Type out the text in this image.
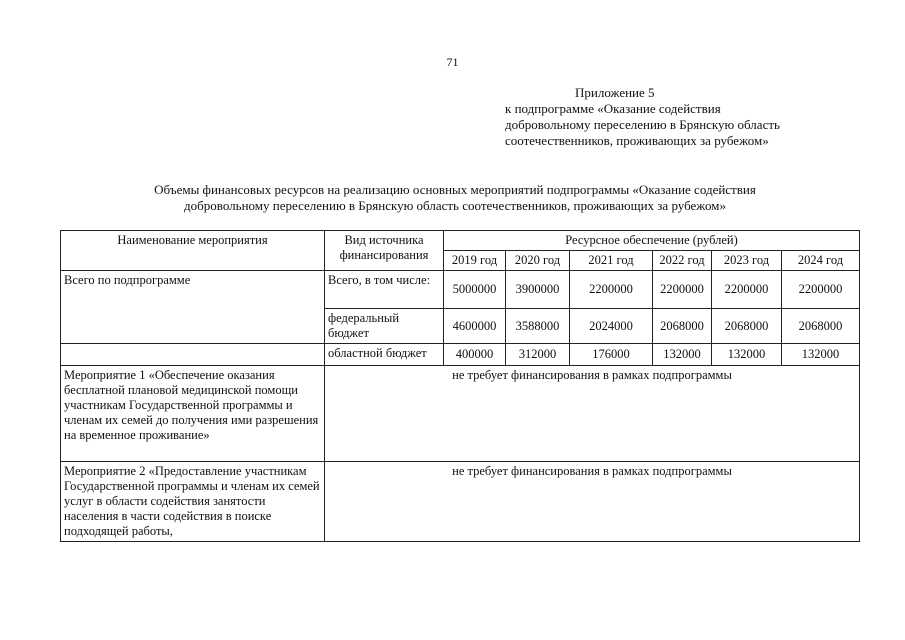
71
Приложение 5
к подпрограмме «Оказание содействия
добровольному переселению в Брянскую область
соотечественников, проживающих за рубежом»
Объемы финансовых ресурсов на реализацию основных мероприятий подпрограммы «Оказание содействия
добровольному переселению в Брянскую область соотечественников, проживающих за рубежом»
Наименование мероприятия	Вид источника финансирования	Ресурсное обеспечение (рублей)					
		2019 год	2020 год	2021 год	2022 год	2023 год	2024 год
Всего по подпрограмме	Всего, в том числе:	5000000	3900000	2200000	2200000	2200000	2200000
	федеральный бюджет	4600000	3588000	2024000	2068000	2068000	2068000
	областной бюджет	400000	312000	176000	132000	132000	132000
Мероприятие 1 «Обеспечение оказания бесплатной плановой медицинской помощи участникам Государственной программы и членам их семей до получения ими разрешения на временное проживание»	не требует финансирования в рамках подпрограммы						
Мероприятие 2 «Предоставление участникам Государственной программы и членам их семей услуг в области содействия занятости населения в части содействия в поиске подходящей работы,	не требует финансирования в рамках подпрограммы						
